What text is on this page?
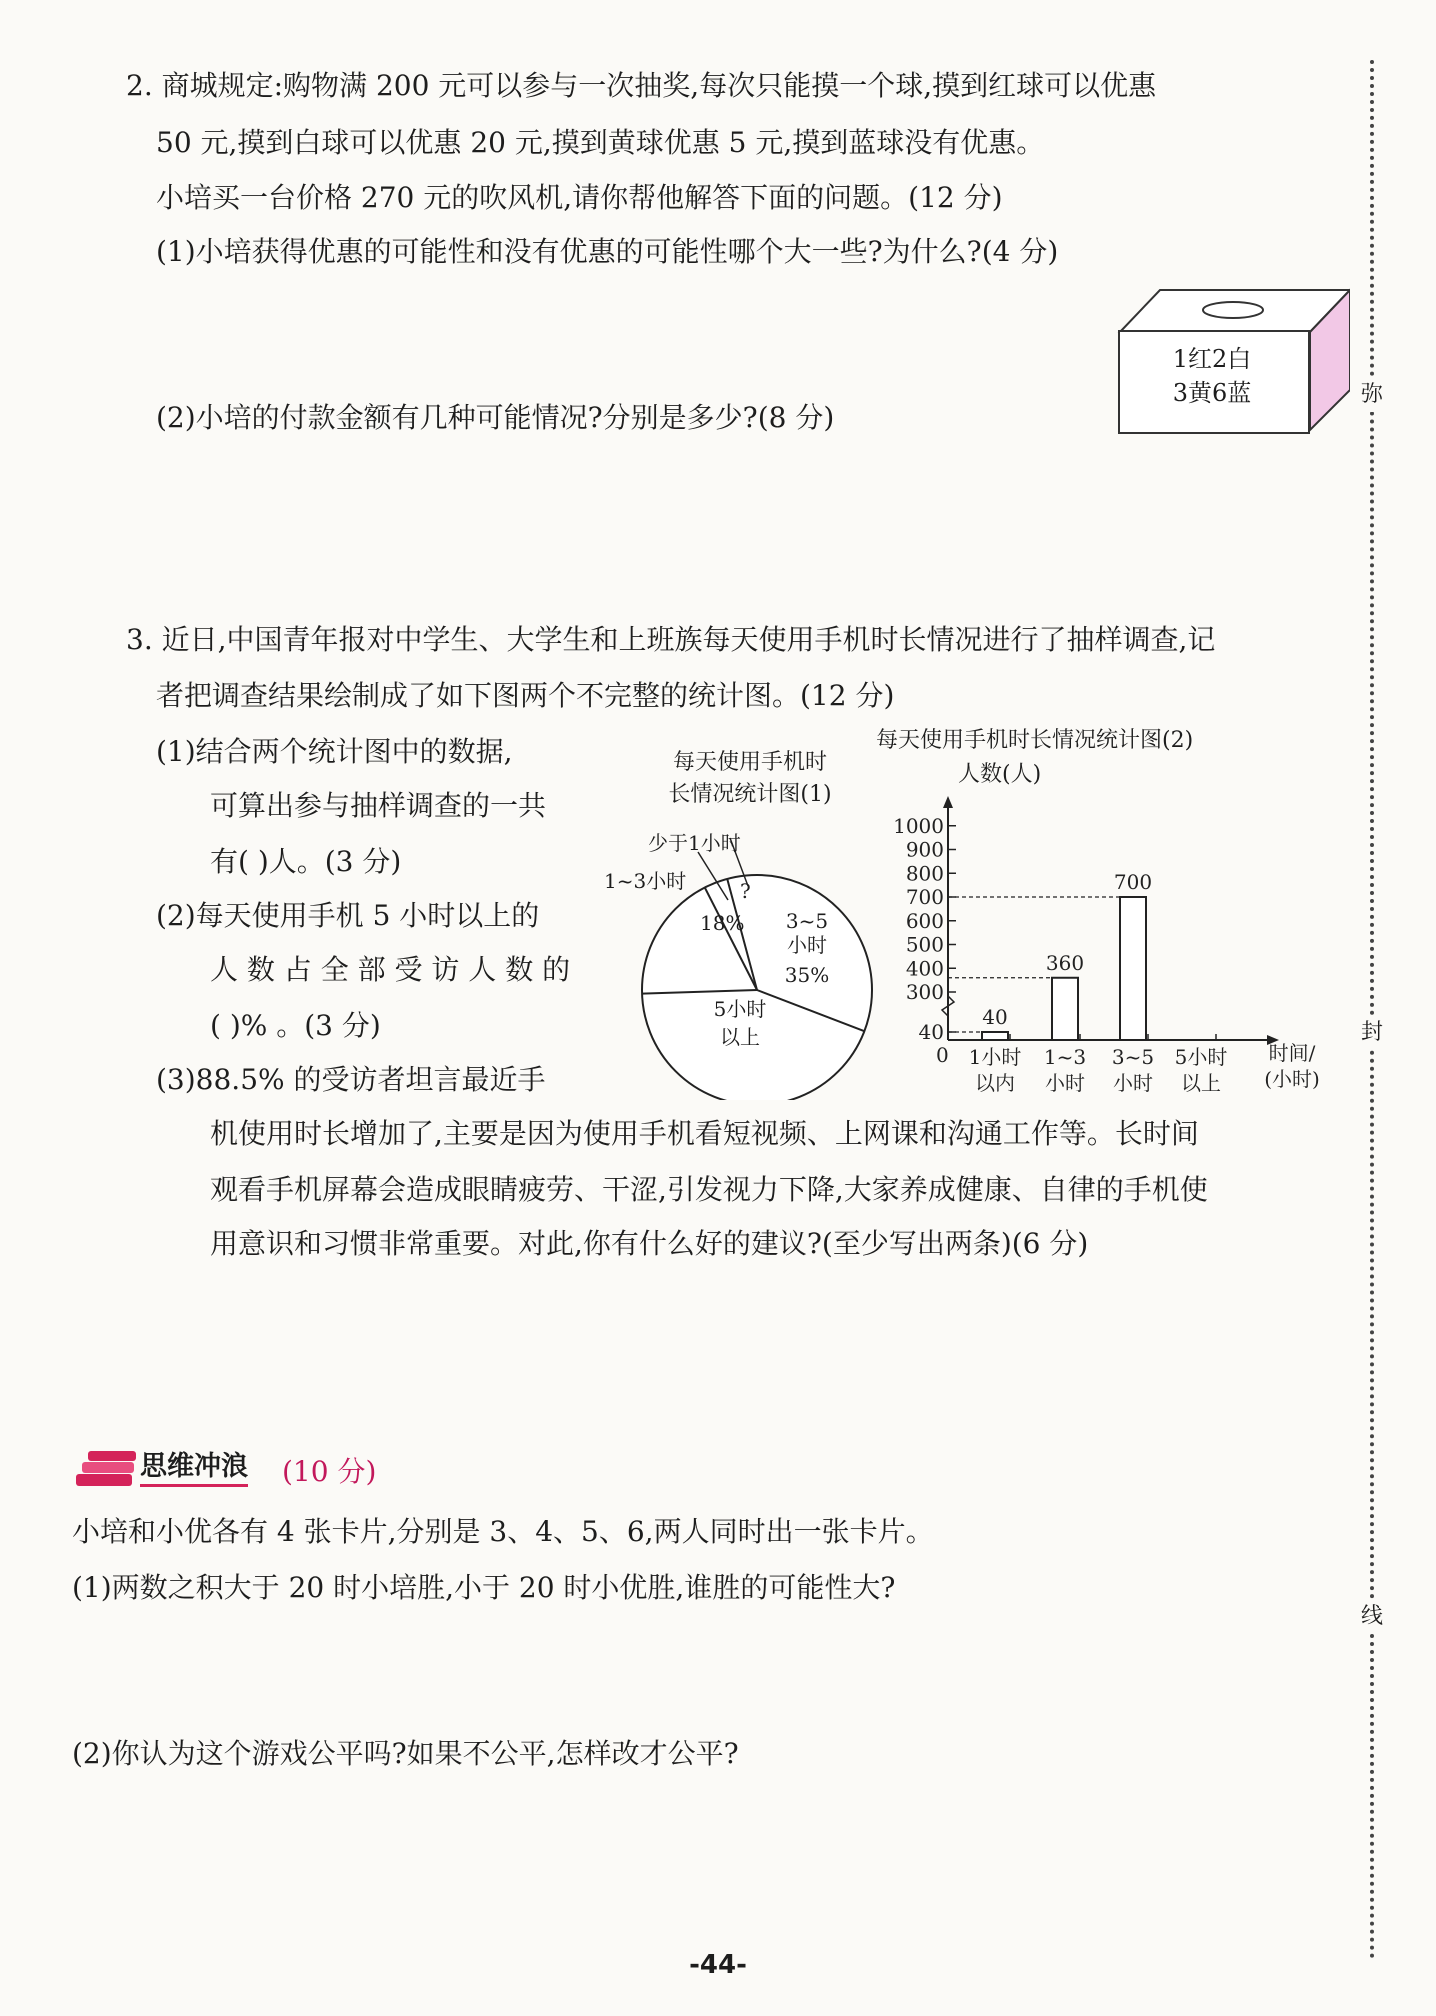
2. 商城规定:购物满 200 元可以参与一次抽奖,每次只能摸一个球,摸到红球可以优惠
50 元,摸到白球可以优惠 20 元,摸到黄球优惠 5 元,摸到蓝球没有优惠。
小培买一台价格 270 元的吹风机,请你帮他解答下面的问题。(12 分)
(1)小培获得优惠的可能性和没有优惠的可能性哪个大一些?为什么?(4 分)
(2)小培的付款金额有几种可能情况?分别是多少?(8 分)
1红2白
3黄6蓝
3. 近日,中国青年报对中学生、大学生和上班族每天使用手机时长情况进行了抽样调查,记
者把调查结果绘制成了如下图两个不完整的统计图。(12 分)
(1)结合两个统计图中的数据,
可算出参与抽样调查的一共
有( )人。(3 分)
(2)每天使用手机 5 小时以上的
人 数 占 全 部 受 访 人 数 的
( )% 。(3 分)
(3)88.5% 的受访者坦言最近手
机使用时长增加了,主要是因为使用手机看短视频、上网课和沟通工作等。长时间
观看手机屏幕会造成眼睛疲劳、干涩,引发视力下降,大家养成健康、自律的手机使
用意识和习惯非常重要。对此,你有什么好的建议?(至少写出两条)(6 分)
每天使用手机时
长情况统计图(1)
少于1小时
1~3小时	?
18%	3~5
小时
35%
5小时
以上
每天使用手机时长情况统计图(2)
人数(人)
40
300
400
500
600
700
800
900
1000
0
40
1小时
以内
360
1~3
小时
700
3~5
小时
5小时
以上
时间/
(小时)
思维冲浪 (10 分)
小培和小优各有 4 张卡片,分别是 3、4、5、6,两人同时出一张卡片。
(1)两数之积大于 20 时小培胜,小于 20 时小优胜,谁胜的可能性大?
(2)你认为这个游戏公平吗?如果不公平,怎样改才公平?
弥
封
线
-44-
